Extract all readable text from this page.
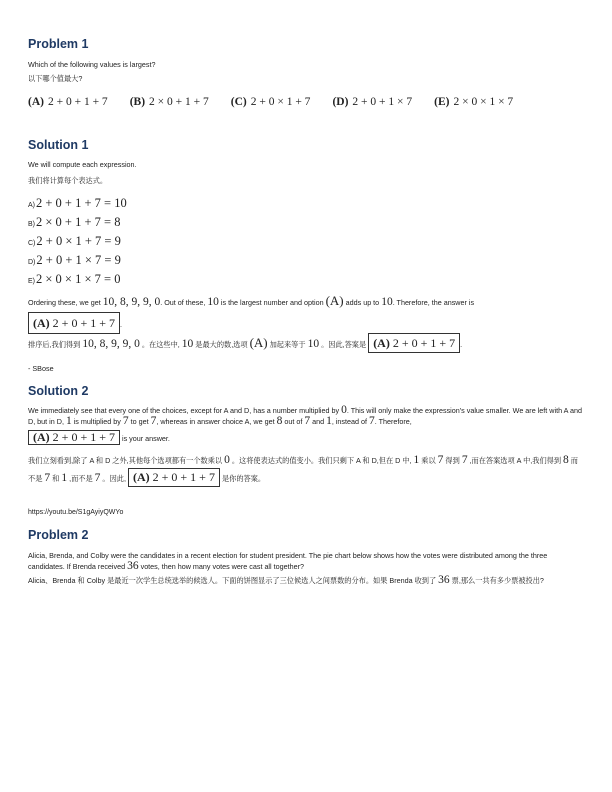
Problem 1
Which of the following values is largest?
以下哪个值最大?
(A) 2 + 0 + 1 + 7 (B) 2 × 0 + 1 + 7 (C) 2 + 0 × 1 + 7 (D) 2 + 0 + 1 × 7 (E) 2 × 0 × 1 × 7
Solution 1
We will compute each expression.
我们将计算每个表达式。
A)2 + 0 + 1 + 7 = 10
B)2 × 0 + 1 + 7 = 8
C)2 + 0 × 1 + 7 = 9
D)2 + 0 + 1 × 7 = 9
E)2 × 0 × 1 × 7 = 0
Ordering these, we get 10, 8, 9, 9, 0. Out of these, 10 is the largest number and option (A) adds up to 10. Therefore, the answer is
(A) 2 + 0 + 1 + 7 .
排序后,我们得到 10, 8, 9, 9, 0 。在这些中, 10 是最大的数,选项 (A) 加起来等于 10 。因此,答案是 (A) 2 + 0 + 1 + 7 .
- SBose
Solution 2
We immediately see that every one of the choices, except for A and D, has a number multiplied by 0. This will only make the expression's value smaller. We are left with A and D, but in D, 1 is multiplied by 7 to get 7, whereas in answer choice A, we get 8 out of 7 and 1, instead of 7. Therefore,
(A) 2 + 0 + 1 + 7 is your answer.
我们立刻看到,除了 A 和 D 之外,其他每个选项都有一个数乘以 0 。这将使表达式的值变小。我们只剩下 A 和 D,但在 D 中, 1 乘以 7 得到 7 ,而在答案选项 A 中,我们得到 8 而不是 7 和 1 ,而不是 7 。因此, (A) 2 + 0 + 1 + 7 是你的答案。
https://youtu.be/S1gAyiyQWYo
Problem 2
Alicia, Brenda, and Colby were the candidates in a recent election for student president. The pie chart below shows how the votes were distributed among the three candidates. If Brenda received 36 votes, then how many votes were cast all together?
Alicia、Brenda 和 Colby 是最近一次学生总统选举的候选人。下面的饼图显示了三位候选人之间票数的分布。如果 Brenda 收到了 36 票,那么一共有多少票被投出?
